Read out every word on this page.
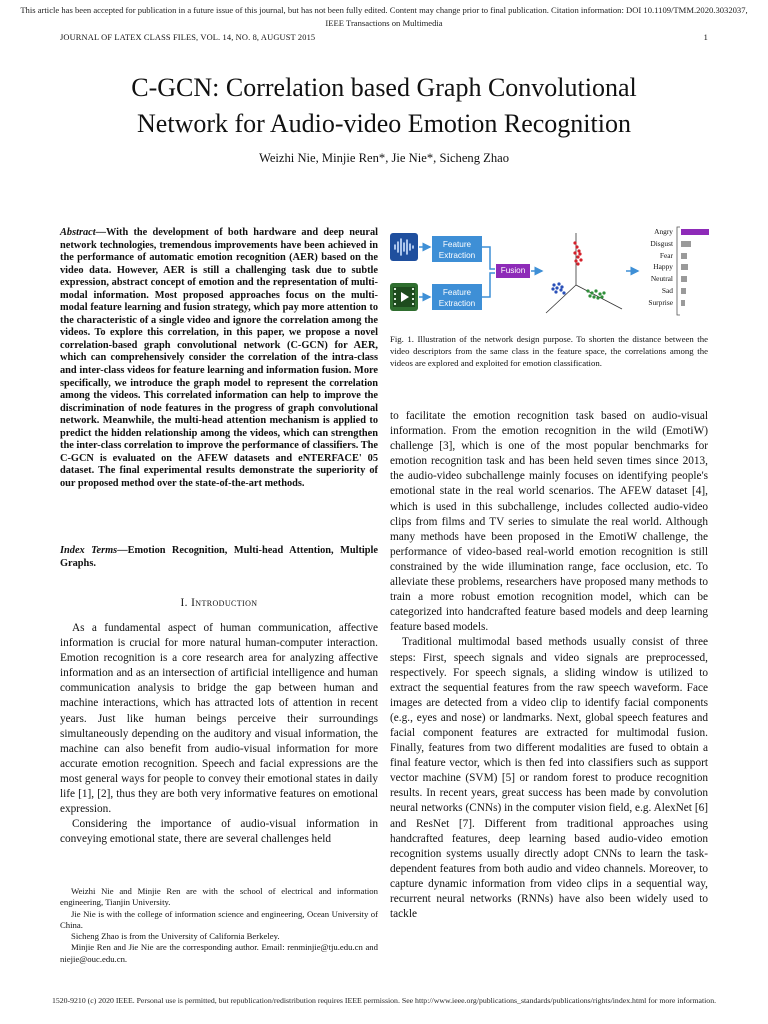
This article has been accepted for publication in a future issue of this journal, but has not been fully edited. Content may change prior to final publication. Citation information: DOI 10.1109/TMM.2020.3032037, IEEE Transactions on Multimedia
JOURNAL OF LATEX CLASS FILES, VOL. 14, NO. 8, AUGUST 2015	1
C-GCN: Correlation based Graph Convolutional
Network for Audio-video Emotion Recognition
Weizhi Nie, Minjie Ren*, Jie Nie*, Sicheng Zhao
Abstract—With the development of both hardware and deep neural network technologies, tremendous improvements have been achieved in the performance of automatic emotion recognition (AER) based on the video data. However, AER is still a challenging task due to subtle expression, abstract concept of emotion and the representation of multi-modal information. Most proposed approaches focus on the multi-modal feature learning and fusion strategy, which pay more attention to the characteristic of a single video and ignore the correlation among the videos. To explore this correlation, in this paper, we propose a novel correlation-based graph convolutional network (C-GCN) for AER, which can comprehensively consider the correlation of the intra-class and inter-class videos for feature learning and information fusion. More specifically, we introduce the graph model to represent the correlation among the videos. This correlated information can help to improve the discrimination of node features in the progress of graph convolutional network. Meanwhile, the multi-head attention mechanism is applied to predict the hidden relationship among the videos, which can strengthen the inter-class correlation to improve the performance of classifiers. The C-GCN is evaluated on the AFEW datasets and eNTERFACE' 05 dataset. The final experimental results demonstrate the superiority of our proposed method over the state-of-the-art methods.
Index Terms—Emotion Recognition, Multi-head Attention, Multiple Graphs.
I. Introduction

As a fundamental aspect of human communication, affective information is crucial for more natural human-computer interaction. Emotion recognition is a core research area for analyzing affective information and as an intersection of artificial intelligence and human communication analysis to bridge the gap between human and machine interactions, which has attracted lots of attention in recent years. Just like human beings perceive their surroundings simultaneously depending on the auditory and visual information, the machine can also benefit from audio-visual information for more accurate emotion recognition. Speech and facial expressions are the most general ways for people to convey their emotional states in daily life [1], [2], thus they are both very informative features on emotional expression.

Considering the importance of audio-visual information in conveying emotional state, there are several challenges held

Weizhi Nie and Minjie Ren are with the school of electrical and information engineering, Tianjin University.

Jie Nie is with the college of information science and engineering, Ocean University of China.

Sicheng Zhao is from the University of California Berkeley.

Minjie Ren and Jie Nie are the corresponding author. Email: renminjie@tju.edu.cn and niejie@ouc.edu.cn.

Feature
Extraction
Feature
Extraction
Fusion
Angry
Disgust
Fear
Happy
Neutral
Sad
Surprise
Fig. 1. Illustration of the network design purpose. To shorten the distance between the video descriptors from the same class in the feature space, the correlations among the videos are explored and exploited for emotion classification.

to facilitate the emotion recognition task based on audio-visual information. From the emotion recognition in the wild (EmotiW) challenge [3], which is one of the most popular benchmarks for emotion recognition task and has been held seven times since 2013, the audio-video subchallenge mainly focuses on identifying people's emotional state in the real world scenarios. The AFEW dataset [4], which is used in this subchallenge, includes collected audio-video clips from films and TV series to simulate the real world. Although many methods have been proposed in the EmotiW challenge, the performance of video-based real-world emotion recognition is still constrained by the wide illumination range, face occlusion, etc. To alleviate these problems, researchers have proposed many methods to train a more robust emotion recognition model, which can be categorized into handcrafted feature based models and deep learning feature based models.

Traditional multimodal based methods usually consist of three steps: First, speech signals and video signals are preprocessed, respectively. For speech signals, a sliding window is utilized to extract the sequential features from the raw speech waveform. Face images are detected from a video clip to identify facial components (e.g., eyes and nose) or landmarks. Next, global speech features and facial component features are extracted for multimodal fusion. Finally, features from two different modalities are fused to obtain a final feature vector, which is then fed into classifiers such as support vector machine (SVM) [5] or random forest to produce recognition results. In recent years, great success has been made by convolution neural networks (CNNs) in the computer vision field, e.g. AlexNet [6] and ResNet [7]. Different from traditional approaches using handcrafted features, deep learning based audio-video emotion recognition systems usually directly adopt CNNs to learn the task-dependent features from both audio and video channels. Moreover, to capture dynamic information from video clips in a sequential way, recurrent neural networks (RNNs) have also been widely used to tackle

1520-9210 (c) 2020 IEEE. Personal use is permitted, but republication/redistribution requires IEEE permission. See http://www.ieee.org/publications_standards/publications/rights/index.html for more information.
